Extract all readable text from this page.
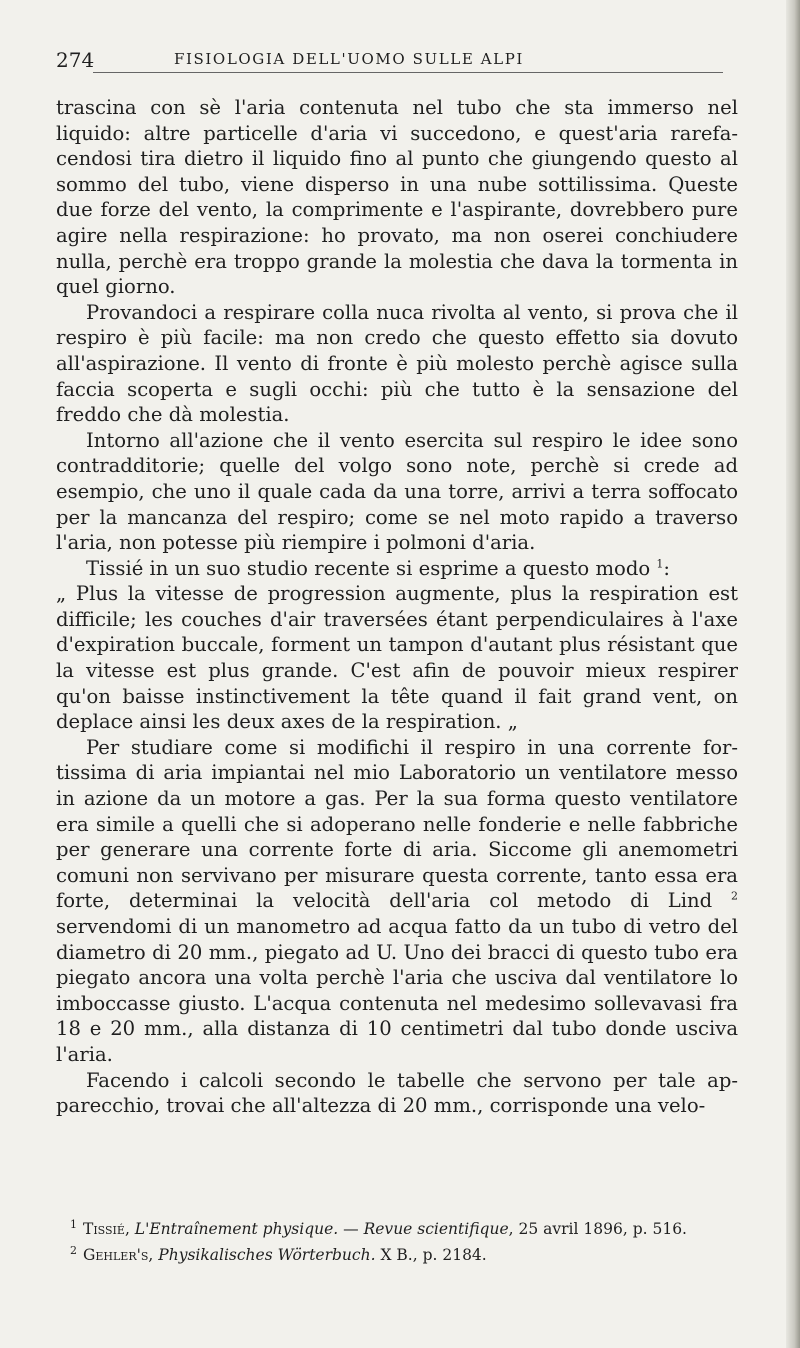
274	FISIOLOGIA DELL'UOMO SULLE ALPI

trascina con sè l'aria contenuta nel tubo che sta immerso nel liquido: altre particelle d'aria vi succedono, e quest'aria rarefacendosi tira dietro il liquido fino al punto che giungendo questo al sommo del tubo, viene disperso in una nube sottilissima. Queste due forze del vento, la comprimente e l'aspirante, dovrebbero pure agire nella respirazione: ho provato, ma non oserei conchiudere nulla, perchè era troppo grande la molestia che dava la tormenta in quel giorno.

Provandoci a respirare colla nuca rivolta al vento, si prova che il respiro è più facile: ma non credo che questo effetto sia dovuto all'aspirazione. Il vento di fronte è più molesto perchè agisce sulla faccia scoperta e sugli occhi: più che tutto è la sensazione del freddo che dà molestia.

Intorno all'azione che il vento esercita sul respiro le idee sono contradditorie; quelle del volgo sono note, perchè si crede ad esempio, che uno il quale cada da una torre, arrivi a terra soffocato per la mancanza del respiro; come se nel moto rapido a traverso l'aria, non potesse più riempire i polmoni d'aria.

Tissié in un suo studio recente si esprime a questo modo $^1$:

„ Plus la vitesse de progression augmente, plus la respiration est difficile; les couches d'air traversées étant perpendiculaires à l'axe d'expiration buccale, forment un tampon d'autant plus résistant que la vitesse est plus grande. C'est afin de pouvoir mieux respirer qu'on baisse instinctivement la tête quand il fait grand vent, on deplace ainsi les deux axes de la respiration. „

Per studiare come si modifichi il respiro in una corrente fortissima di aria impiantai nel mio Laboratorio un ventilatore messo in azione da un motore a gas. Per la sua forma questo ventilatore era simile a quelli che si adoperano nelle fonderie e nelle fabbriche per generare una corrente forte di aria. Siccome gli anemometri comuni non servivano per misurare questa corrente, tanto essa era forte, determinai la velocità dell'aria col metodo di Lind $^2$ servendomi di un manometro ad acqua fatto da un tubo di vetro del diametro di 20 mm., piegato ad U. Uno dei bracci di questo tubo era piegato ancora una volta perchè l'aria che usciva dal ventilatore lo imboccasse giusto. L'acqua contenuta nel medesimo sollevavasi fra 18 e 20 mm., alla distanza di 10 centimetri dal tubo donde usciva l'aria.

Facendo i calcoli secondo le tabelle che servono per tale apparecchio, trovai che all'altezza di 20 mm., corrisponde una velo-

$^1$ Tissié, L'Entraînement physique. — Revue scientifique, 25 avril 1896, p. 516.

$^2$ Gehler's, Physikalisches Wörterbuch. X B., p. 2184.
